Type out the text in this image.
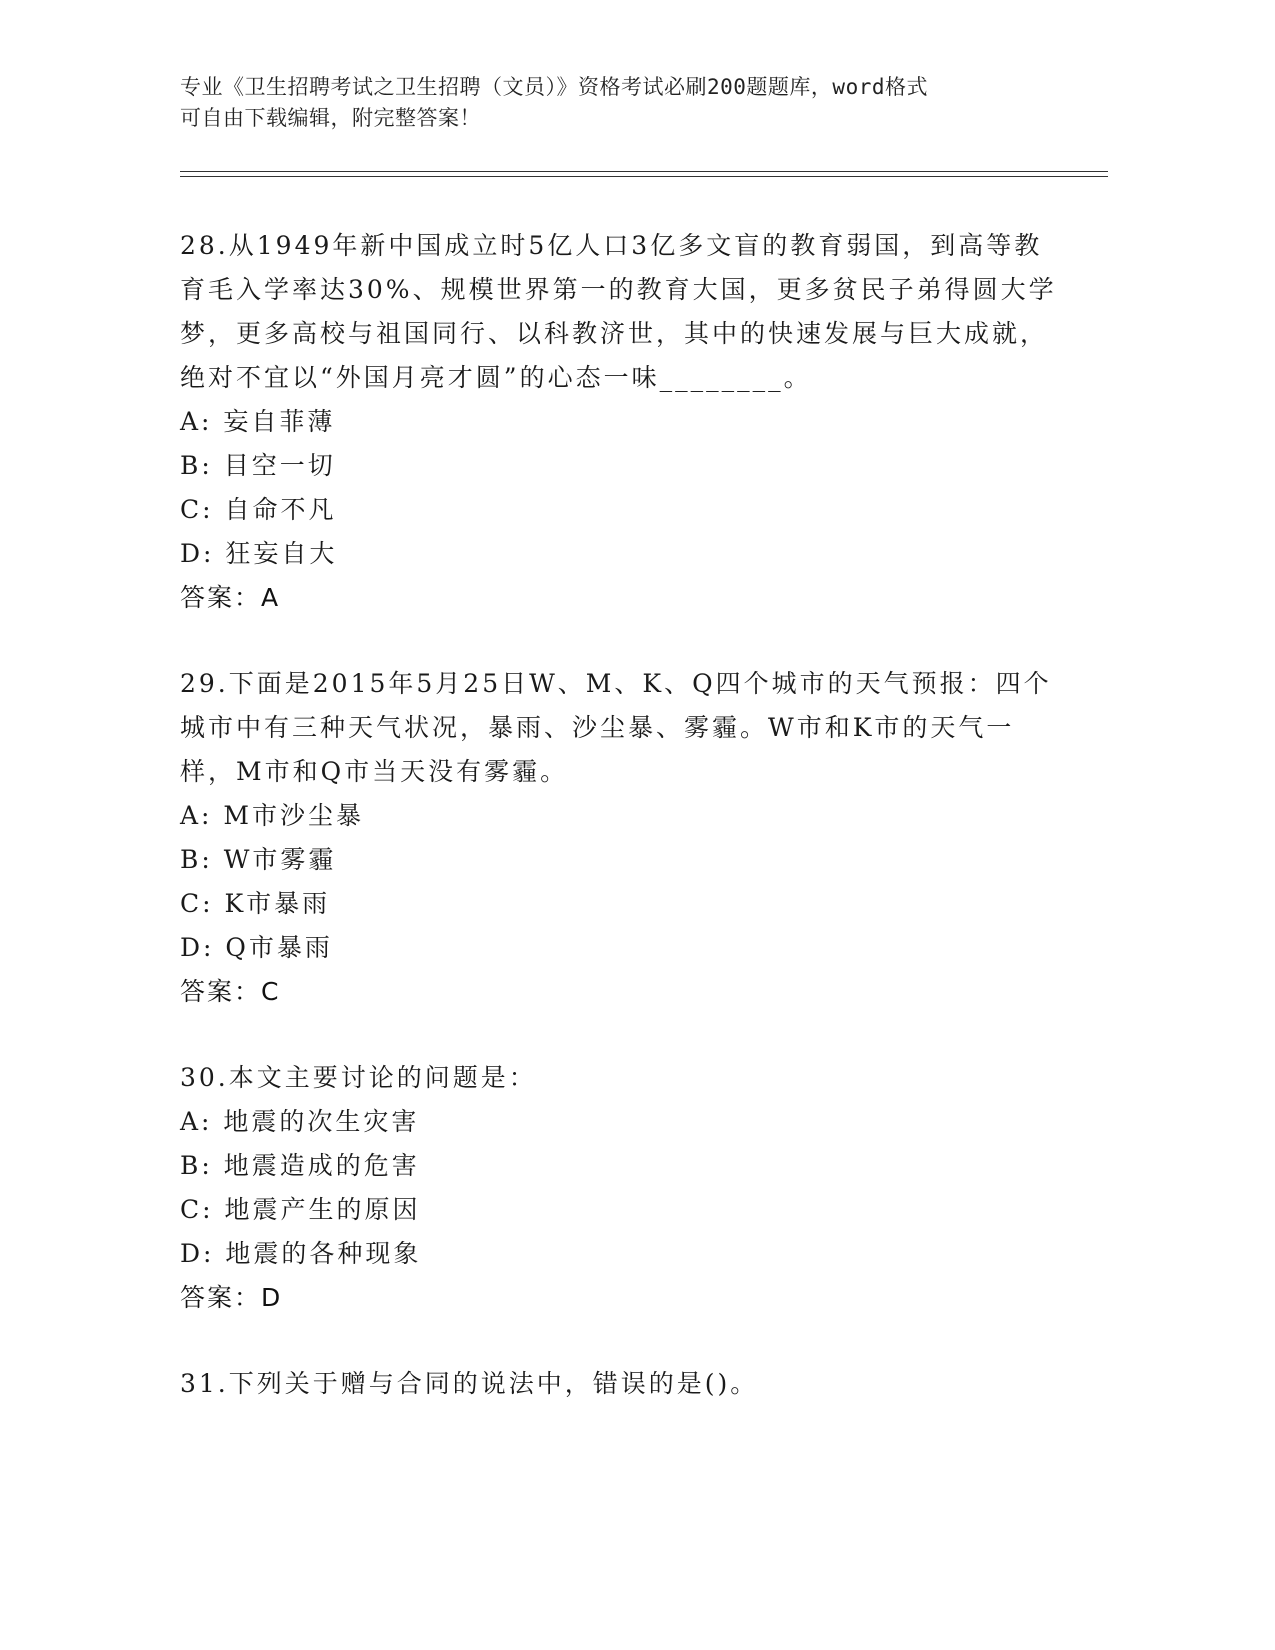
专业《卫生招聘考试之卫生招聘（文员）》资格考试必刷200题题库，word格式

可自由下载编辑，附完整答案！

28.从1949年新中国成立时5亿人口3亿多文盲的教育弱国，到高等教育毛入学率达30%、规模世界第一的教育大国，更多贫民子弟得圆大学梦，更多高校与祖国同行、以科教济世，其中的快速发展与巨大成就，绝对不宜以“外国月亮才圆”的心态一味________。

A: 妄自菲薄
B: 目空一切
C: 自命不凡
D: 狂妄自大
答案：A

29.下面是2015年5月25日W、M、K、Q四个城市的天气预报：四个城市中有三种天气状况，暴雨、沙尘暴、雾霾。W市和K市的天气一样，M市和Q市当天没有雾霾。

A: M市沙尘暴
B: W市雾霾
C: K市暴雨
D: Q市暴雨
答案：C

30.本文主要讨论的问题是：

A: 地震的次生灾害
B: 地震造成的危害
C: 地震产生的原因
D: 地震的各种现象
答案：D

31.下列关于赠与合同的说法中，错误的是()。
